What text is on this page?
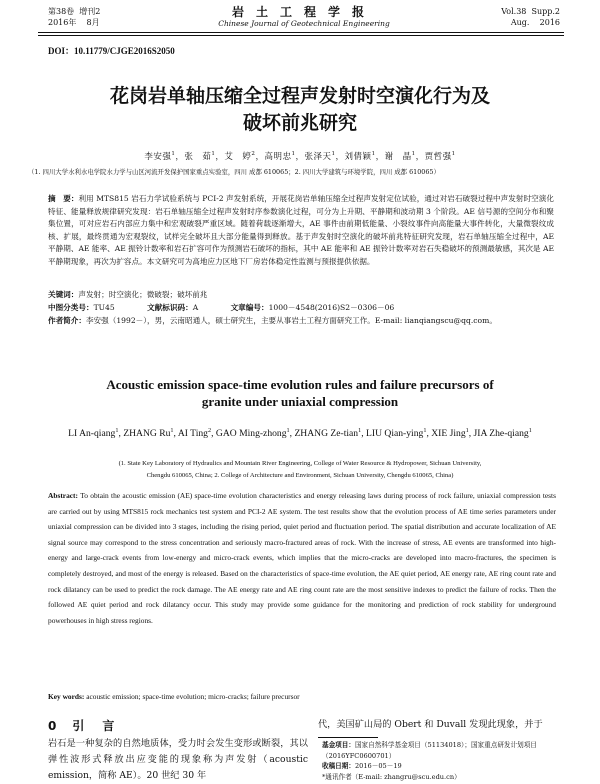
第38卷 增刊2
2016年 8月
岩土工程学报
Chinese Journal of Geotechnical Engineering
Vol.38 Supp.2
Aug. 2016
DOI：10.11779/CJGE2016S2050
花岗岩单轴压缩全过程声发射时空演化行为及
破坏前兆研究
李安强$^1$，张　茹$^1$，艾　婷$^2$，高明忠$^1$，张泽天$^1$，刘倩颖$^1$，谢　晶$^1$，贾哲强$^1$
（1. 四川大学水利水电学院水力学与山区河流开发保护国家重点实验室，四川 成都 610065；2. 四川大学建筑与环境学院，四川 成都 610065）
摘　要：利用 MTS815 岩石力学试验系统与 PCI-2 声发射系统，开展花岗岩单轴压缩全过程声发射定位试验，通过对岩石破裂过程中声发射时空演化特征、能量释放规律研究发现：岩石单轴压缩全过程声发射时序参数演化过程，可分为上升期、平静期和波动期 3 个阶段。AE 信号源的空间分布和聚集位置，可对应岩石内部应力集中和宏观破裂严重区域。随着荷载逐渐增大，AE 事件由前期低能量、小裂纹事件向高能量大事件转化，大量微裂纹成核、扩展，最终贯通为宏观裂纹，试样完全破坏且大部分能量得到释放。基于声发射时空演化的破坏前兆特征研究发现，岩石单轴压缩全过程中，AE 平静期、AE 能率、AE 振铃计数率和岩石扩容可作为预测岩石破坏的指标，其中 AE 能率和 AE 振铃计数率对岩石失稳破坏的预测最敏感，其次是 AE 平静期现象，再次为扩容点。本文研究可为高地应力区地下厂房岩体稳定性监测与预报提供依据。
关键词：声发射；时空演化；微破裂；破坏前兆
中图分类号：TU45	文献标识码：A	文章编号：1000－4548(2016)S2－0306－06
作者简介：李安强（1992－），男，云南昭通人，硕士研究生，主要从事岩土工程方面研究工作。E-mail: lianqiangscu@qq.com。
Acoustic emission space-time evolution rules and failure precursors of
granite under uniaxial compression
LI An-qiang$^1$, ZHANG Ru$^1$, AI Ting$^2$, GAO Ming-zhong$^1$, ZHANG Ze-tian$^1$, LIU Qian-ying$^1$, XIE Jing$^1$, JIA Zhe-qiang$^1$
(1. State Key Laboratory of Hydraulics and Mountain River Engineering, College of Water Resource & Hydropower, Sichuan University,
Chengdu 610065, China; 2. College of Architecture and Environment, Sichuan University, Chengdu 610065, China)
Abstract: To obtain the acoustic emission (AE) space-time evolution characteristics and energy releasing laws during process of rock failure, uniaxial compression tests are carried out by using MTS815 rock mechanics test system and PCI-2 AE system. The test results show that the evolution process of AE time series parameters under uniaxial compression can be divided into 3 stages, including the rising period, quiet period and fluctuation period. The spatial distribution and accurate localization of AE signal source may correspond to the stress concentration and seriously macro-fractured areas of rock. With the increase of stress, AE events are transformed into high-energy and large-crack events from low-energy and micro-crack events, which implies that the micro-cracks are developed into macro-fractures, the specimen is completely destroyed, and most of the energy is released. Based on the characteristics of space-time evolution, the AE quiet period, AE energy rate, AE ring count rate and rock dilatancy can be used to predict the rock damage. The AE energy rate and AE ring count rate are the most sensitive indexes to predict the failure of rocks. Then the followed AE quiet period and rock dilatancy occur. This study may provide some guidance for the monitoring and prediction of rock stability for underground powerhouses in high stress regions.
Key words: acoustic emission; space-time evolution; micro-cracks; failure precursor
0 引言
岩石是一种复杂的自然地质体，受力时会发生变形或断裂，其以弹性波形式释放出应变能的现象称为声发射（acoustic emission，简称 AE）。20 世纪 30 年
代，美国矿山局的 Obert 和 Duvall 发现此现象，并于
基金项目：国家自然科学基金项目（51134018）；国家重点研发计划项目（2016YFC0600701）
收稿日期：2016－05－19
*通讯作者（E-mail: zhangru@scu.edu.cn）
